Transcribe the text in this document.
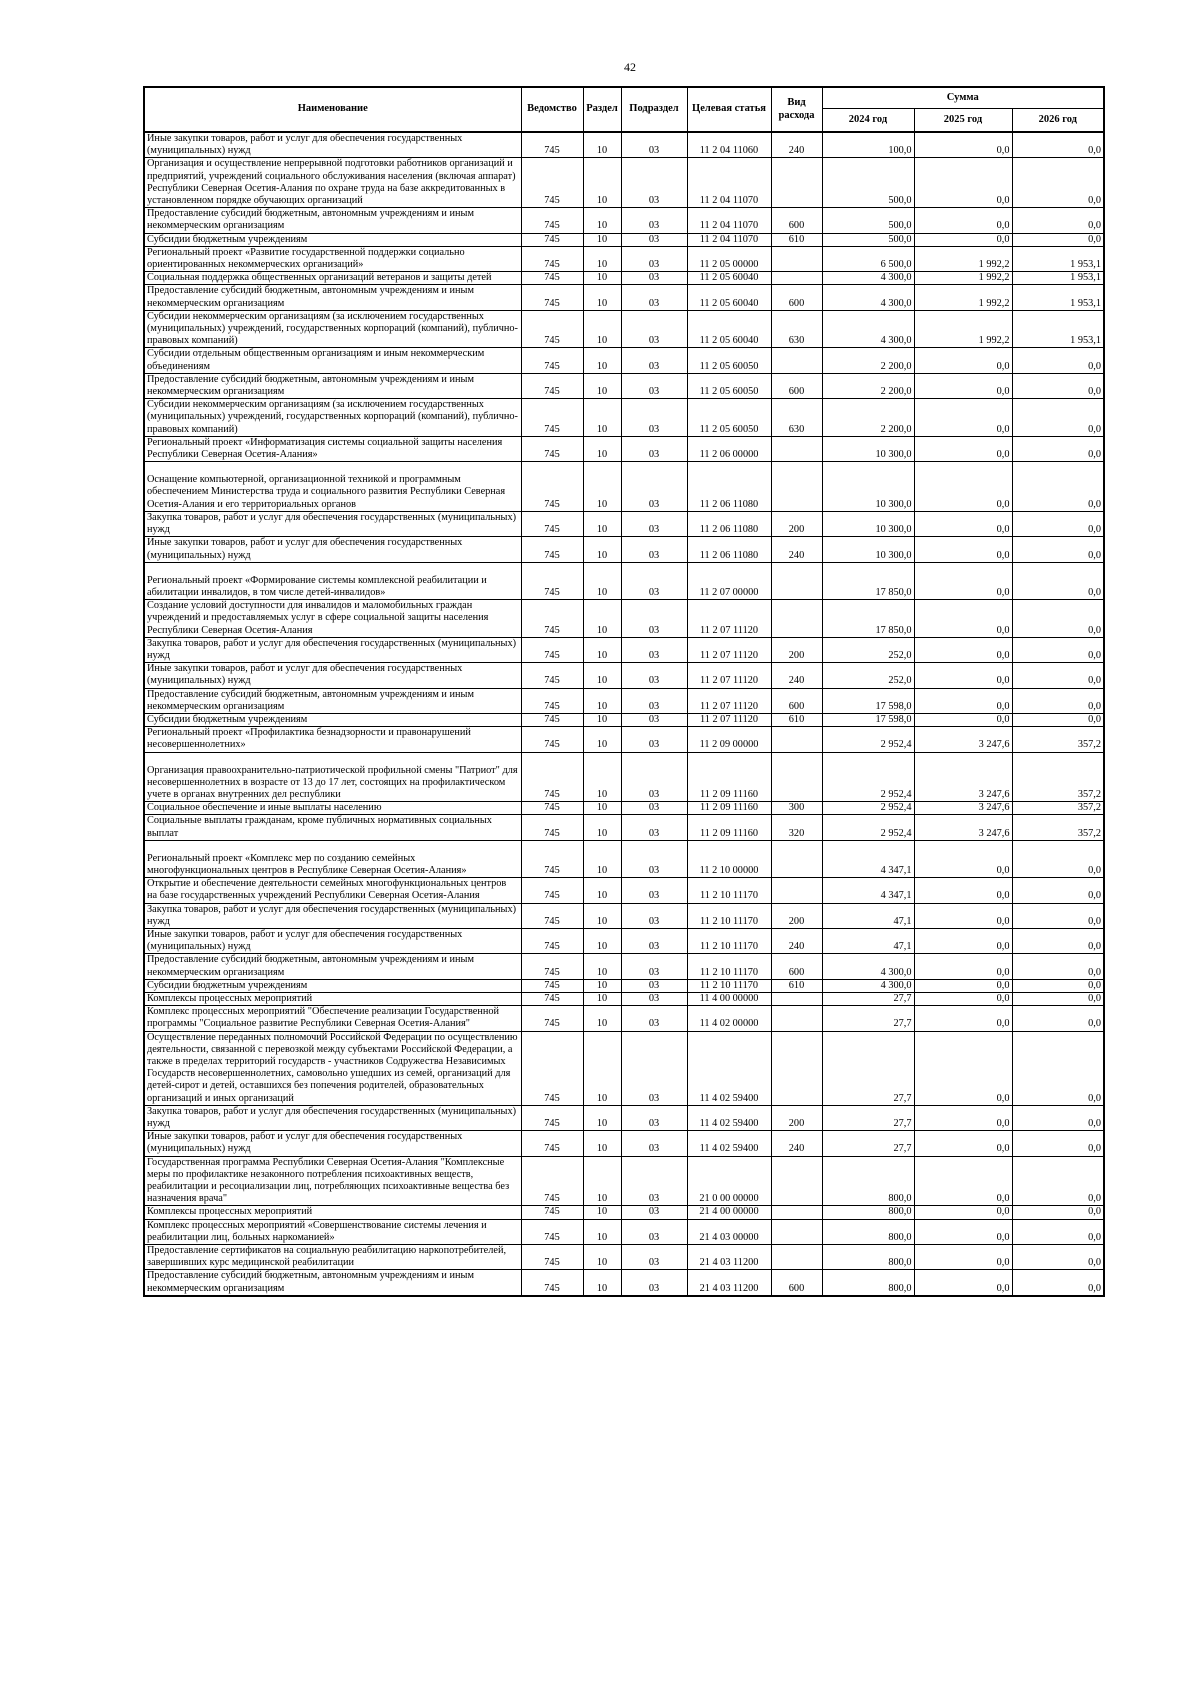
42
Наименование	Ведомство	Раздел	Подраздел	Целевая статья	Вид расхода	Сумма		
						2024 год	2025 год	2026 год
Иные закупки товаров, работ и услуг для обеспечения государственных (муниципальных) нужд	745	10	03	11 2 04 11060	240	100,0	0,0	0,0
Организация и осуществление непрерывной подготовки работников организаций и предприятий, учреждений социального обслуживания населения (включая аппарат) Республики Северная Осетия-Алания по охране труда на базе аккредитованных в установленном порядке обучающих организаций	745	10	03	11 2 04 11070		500,0	0,0	0,0
Предоставление субсидий бюджетным, автономным учреждениям и иным некоммерческим организациям	745	10	03	11 2 04 11070	600	500,0	0,0	0,0
Субсидии бюджетным учреждениям	745	10	03	11 2 04 11070	610	500,0	0,0	0,0
Региональный проект «Развитие государственной поддержки социально ориентированных некоммерческих организаций»	745	10	03	11 2 05 00000		6 500,0	1 992,2	1 953,1
Социальная поддержка общественных организаций ветеранов и защиты детей	745	10	03	11 2 05 60040		4 300,0	1 992,2	1 953,1
Предоставление субсидий бюджетным, автономным учреждениям и иным некоммерческим организациям	745	10	03	11 2 05 60040	600	4 300,0	1 992,2	1 953,1
Субсидии некоммерческим организациям (за исключением государственных (муниципальных) учреждений, государственных корпораций (компаний), публично-правовых компаний)	745	10	03	11 2 05 60040	630	4 300,0	1 992,2	1 953,1
Субсидии отдельным общественным организациям и иным некоммерческим объединениям	745	10	03	11 2 05 60050		2 200,0	0,0	0,0
Предоставление субсидий бюджетным, автономным учреждениям и иным некоммерческим организациям	745	10	03	11 2 05 60050	600	2 200,0	0,0	0,0
Субсидии некоммерческим организациям (за исключением государственных (муниципальных) учреждений, государственных корпораций (компаний), публично-правовых компаний)	745	10	03	11 2 05 60050	630	2 200,0	0,0	0,0
Региональный проект «Информатизация системы социальной защиты населения Республики Северная Осетия-Алания»	745	10	03	11 2 06 00000		10 300,0	0,0	0,0
Оснащение компьютерной, организационной техникой и программным обеспечением Министерства труда и социального развития Республики Северная Осетия-Алания и его территориальных органов	745	10	03	11 2 06 11080		10 300,0	0,0	0,0
Закупка товаров, работ и услуг для обеспечения государственных (муниципальных) нужд	745	10	03	11 2 06 11080	200	10 300,0	0,0	0,0
Иные закупки товаров, работ и услуг для обеспечения государственных (муниципальных) нужд	745	10	03	11 2 06 11080	240	10 300,0	0,0	0,0
Региональный проект «Формирование системы комплексной реабилитации и абилитации инвалидов, в том числе детей-инвалидов»	745	10	03	11 2 07 00000		17 850,0	0,0	0,0
Создание условий доступности для инвалидов и маломобильных граждан учреждений и предоставляемых услуг в сфере социальной защиты населения Республики Северная Осетия-Алания	745	10	03	11 2 07 11120		17 850,0	0,0	0,0
Закупка товаров, работ и услуг для обеспечения государственных (муниципальных) нужд	745	10	03	11 2 07 11120	200	252,0	0,0	0,0
Иные закупки товаров, работ и услуг для обеспечения государственных (муниципальных) нужд	745	10	03	11 2 07 11120	240	252,0	0,0	0,0
Предоставление субсидий бюджетным, автономным учреждениям и иным некоммерческим организациям	745	10	03	11 2 07 11120	600	17 598,0	0,0	0,0
Субсидии бюджетным учреждениям	745	10	03	11 2 07 11120	610	17 598,0	0,0	0,0
Региональный проект «Профилактика безнадзорности и правонарушений несовершеннолетних»	745	10	03	11 2 09 00000		2 952,4	3 247,6	357,2
Организация правоохранительно-патриотической профильной смены "Патриот" для несовершеннолетних в возрасте от 13 до 17 лет, состоящих на профилактическом учете в органах внутренних дел республики	745	10	03	11 2 09 11160		2 952,4	3 247,6	357,2
Социальное обеспечение и иные выплаты населению	745	10	03	11 2 09 11160	300	2 952,4	3 247,6	357,2
Социальные выплаты гражданам, кроме публичных нормативных социальных выплат	745	10	03	11 2 09 11160	320	2 952,4	3 247,6	357,2
Региональный проект «Комплекс мер по созданию семейных многофункциональных центров в Республике Северная Осетия-Алания»	745	10	03	11 2 10 00000		4 347,1	0,0	0,0
Открытие и обеспечение деятельности семейных многофункциональных центров на базе государственных учреждений Республики Северная Осетия-Алания	745	10	03	11 2 10 11170		4 347,1	0,0	0,0
Закупка товаров, работ и услуг для обеспечения государственных (муниципальных) нужд	745	10	03	11 2 10 11170	200	47,1	0,0	0,0
Иные закупки товаров, работ и услуг для обеспечения государственных (муниципальных) нужд	745	10	03	11 2 10 11170	240	47,1	0,0	0,0
Предоставление субсидий бюджетным, автономным учреждениям и иным некоммерческим организациям	745	10	03	11 2 10 11170	600	4 300,0	0,0	0,0
Субсидии бюджетным учреждениям	745	10	03	11 2 10 11170	610	4 300,0	0,0	0,0
Комплексы процессных мероприятий	745	10	03	11 4 00 00000		27,7	0,0	0,0
Комплекс процессных мероприятий "Обеспечение реализации Государственной программы "Социальное развитие Республики Северная Осетия-Алания"	745	10	03	11 4 02 00000		27,7	0,0	0,0
Осуществление переданных полномочий Российской Федерации по осуществлению деятельности, связанной с перевозкой между субъектами Российской Федерации, а также в пределах территорий государств - участников Содружества Независимых Государств несовершеннолетних, самовольно ушедших из семей, организаций для детей-сирот и детей, оставшихся без попечения родителей, образовательных организаций и иных организаций	745	10	03	11 4 02 59400		27,7	0,0	0,0
Закупка товаров, работ и услуг для обеспечения государственных (муниципальных) нужд	745	10	03	11 4 02 59400	200	27,7	0,0	0,0
Иные закупки товаров, работ и услуг для обеспечения государственных (муниципальных) нужд	745	10	03	11 4 02 59400	240	27,7	0,0	0,0
Государственная программа Республики Северная Осетия-Алания "Комплексные меры по профилактике незаконного потребления психоактивных веществ, реабилитации и ресоциализации лиц, потребляющих психоактивные вещества без назначения врача"	745	10	03	21 0 00 00000		800,0	0,0	0,0
Комплексы процессных мероприятий	745	10	03	21 4 00 00000		800,0	0,0	0,0
Комплекс процессных мероприятий «Совершенствование системы лечения и реабилитации лиц, больных наркоманией»	745	10	03	21 4 03 00000		800,0	0,0	0,0
Предоставление сертификатов на социальную реабилитацию наркопотребителей, завершивших курс медицинской реабилитации	745	10	03	21 4 03 11200		800,0	0,0	0,0
Предоставление субсидий бюджетным, автономным учреждениям и иным некоммерческим организациям	745	10	03	21 4 03 11200	600	800,0	0,0	0,0
